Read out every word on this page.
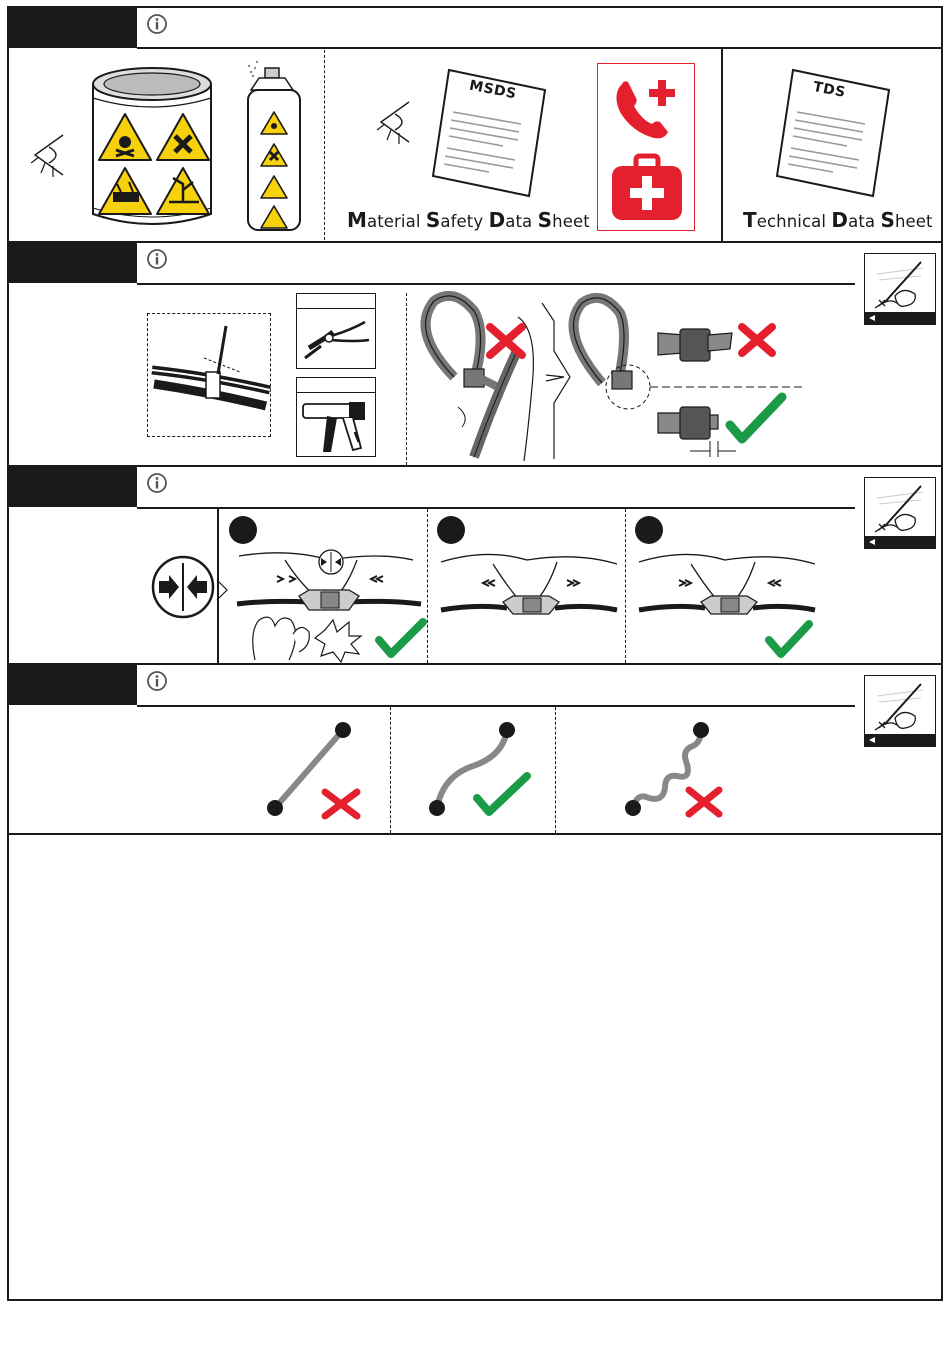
MSDS
Material Safety Data Sheet
TDS
Technical Data Sheet
